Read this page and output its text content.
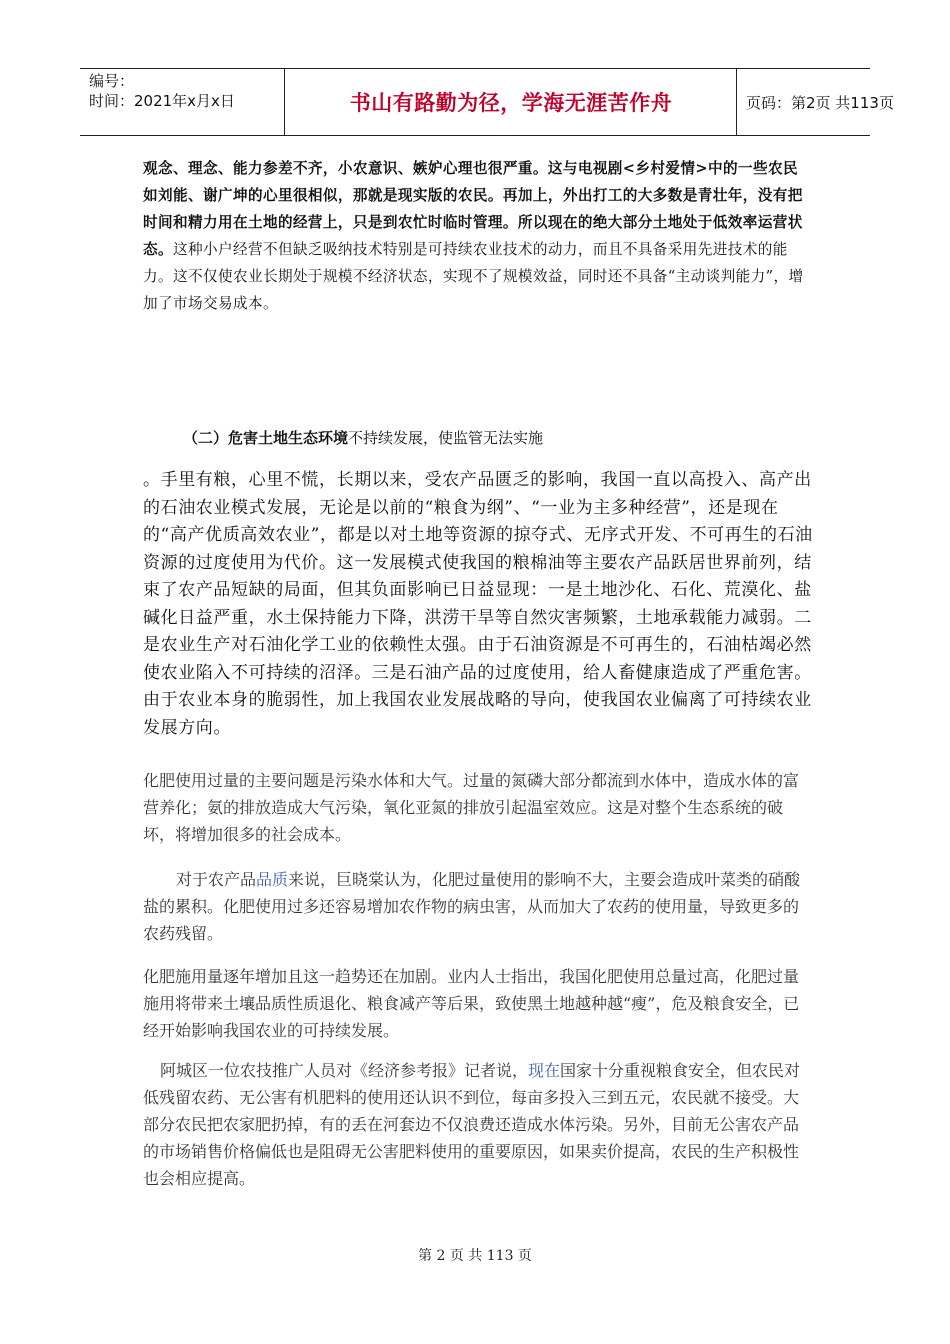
编号：
时间：2021年x月x日	书山有路勤为径，学海无涯苦作舟	页码：第2页 共113页
观念、理念、能力参差不齐，小农意识、嫉妒心理也很严重。这与电视剧<乡村爱情>中的一些农民如刘能、谢广坤的心里很相似，那就是现实版的农民。再加上，外出打工的大多数是青壮年，没有把时间和精力用在土地的经营上，只是到农忙时临时管理。所以现在的绝大部分土地处于低效率运营状态。这种小户经营不但缺乏吸纳技术特别是可持续农业技术的动力，而且不具备采用先进技术的能力。这不仅使农业长期处于规模不经济状态，实现不了规模效益，同时还不具备“主动谈判能力”，增加了市场交易成本。
（二）危害土地生态环境不持续发展，使监管无法实施
。手里有粮，心里不慌，长期以来，受农产品匮乏的影响，我国一直以高投入、高产出的石油农业模式发展，无论是以前的“粮食为纲”、“一业为主多种经营”，还是现在的“高产优质高效农业”，都是以对土地等资源的掠夺式、无序式开发、不可再生的石油资源的过度使用为代价。这一发展模式使我国的粮棉油等主要农产品跃居世界前列，结束了农产品短缺的局面，但其负面影响已日益显现：一是土地沙化、石化、荒漠化、盐碱化日益严重，水土保持能力下降，洪涝干旱等自然灾害频繁，土地承载能力减弱。二是农业生产对石油化学工业的依赖性太强。由于石油资源是不可再生的，石油枯竭必然使农业陷入不可持续的沼泽。三是石油产品的过度使用，给人畜健康造成了严重危害。由于农业本身的脆弱性，加上我国农业发展战略的导向，使我国农业偏离了可持续农业发展方向。
化肥使用过量的主要问题是污染水体和大气。过量的氮磷大部分都流到水体中，造成水体的富营养化；氨的排放造成大气污染，氧化亚氮的排放引起温室效应。这是对整个生态系统的破坏，将增加很多的社会成本。
对于农产品品质来说，巨晓棠认为，化肥过量使用的影响不大，主要会造成叶菜类的硝酸盐的累积。化肥使用过多还容易增加农作物的病虫害，从而加大了农药的使用量，导致更多的农药残留。
化肥施用量逐年增加且这一趋势还在加剧。业内人士指出，我国化肥使用总量过高，化肥过量施用将带来土壤品质性质退化、粮食减产等后果，致使黑土地越种越“瘦”，危及粮食安全，已经开始影响我国农业的可持续发展。
阿城区一位农技推广人员对《经济参考报》记者说，现在国家十分重视粮食安全，但农民对低残留农药、无公害有机肥料的使用还认识不到位，每亩多投入三到五元，农民就不接受。大部分农民把农家肥扔掉，有的丢在河套边不仅浪费还造成水体污染。另外，目前无公害农产品的市场销售价格偏低也是阻碍无公害肥料使用的重要原因，如果卖价提高，农民的生产积极性也会相应提高。
第 2 页 共 113 页
